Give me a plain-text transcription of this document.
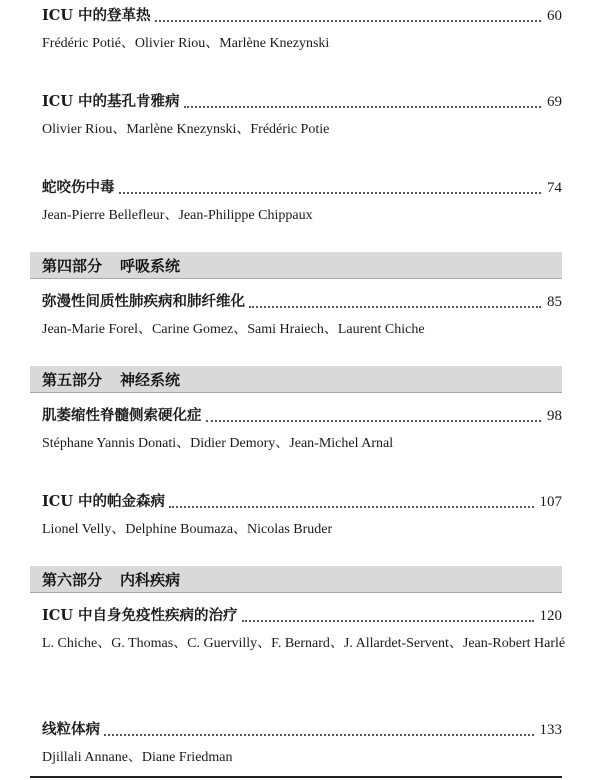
ICU 中的登革热	60
Frédéric Potié、Olivier Riou、Marlène Knezynski
ICU 中的基孔肯雅病	69
Olivier Riou、Marlène Knezynski、Frédéric Potie
蛇咬伤中毒	74
Jean-Pierre Bellefleur、Jean-Philippe Chippaux
第四部分 呼吸系统
弥漫性间质性肺疾病和肺纤维化	85
Jean-Marie Forel、Carine Gomez、Sami Hraiech、Laurent Chiche
第五部分 神经系统
肌萎缩性脊髓侧索硬化症	98
Stéphane Yannis Donati、Didier Demory、Jean-Michel Arnal
ICU 中的帕金森病	107
Lionel Velly、Delphine Boumaza、Nicolas Bruder
第六部分 内科疾病
ICU 中自身免疫性疾病的治疗	120
L. Chiche、G. Thomas、C. Guervilly、F. Bernard、J. Allardet-Servent、Jean-Robert Harlé
线粒体病	133
Djillali Annane、Diane Friedman
